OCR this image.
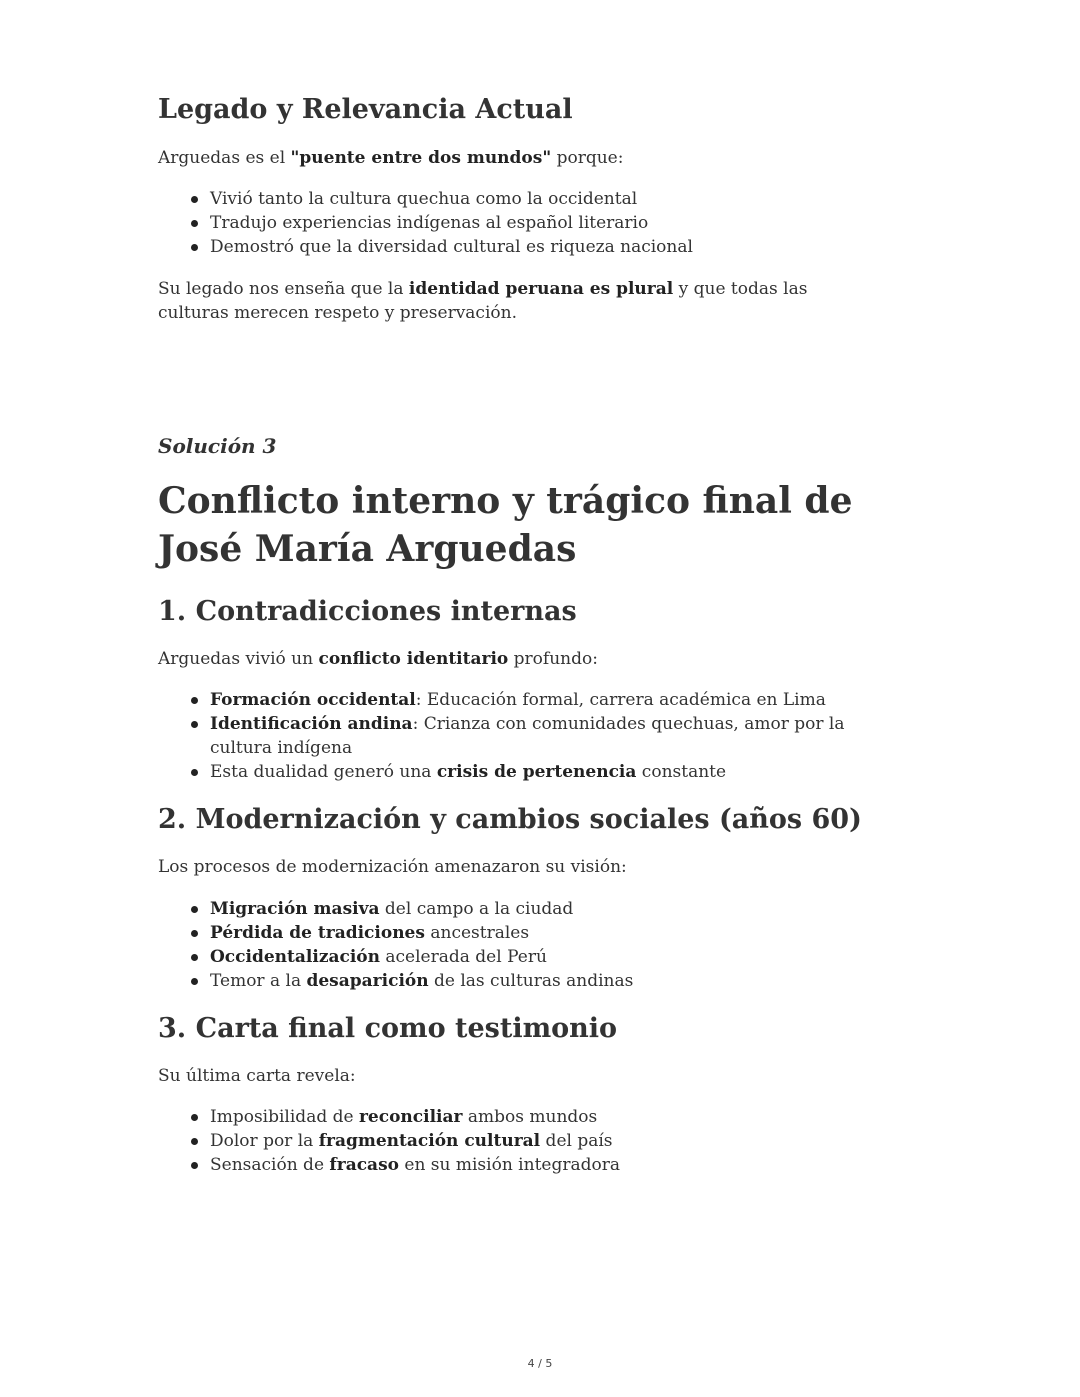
Legado y Relevancia Actual

Arguedas es el "puente entre dos mundos" porque:

Vivió tanto la cultura quechua como la occidental
Tradujo experiencias indígenas al español literario
Demostró que la diversidad cultural es riqueza nacional

Su legado nos enseña que la identidad peruana es plural y que todas las culturas merecen respeto y preservación.

Solución 3

Conflicto interno y trágico final de José María Arguedas
1. Contradicciones internas

Arguedas vivió un conflicto identitario profundo:

Formación occidental: Educación formal, carrera académica en Lima
Identificación andina: Crianza con comunidades quechuas, amor por la cultura indígena
Esta dualidad generó una crisis de pertenencia constante
2. Modernización y cambios sociales (años 60)

Los procesos de modernización amenazaron su visión:

Migración masiva del campo a la ciudad
Pérdida de tradiciones ancestrales
Occidentalización acelerada del Perú
Temor a la desaparición de las culturas andinas
3. Carta final como testimonio

Su última carta revela:

Imposibilidad de reconciliar ambos mundos
Dolor por la fragmentación cultural del país
Sensación de fracaso en su misión integradora
4 / 5
